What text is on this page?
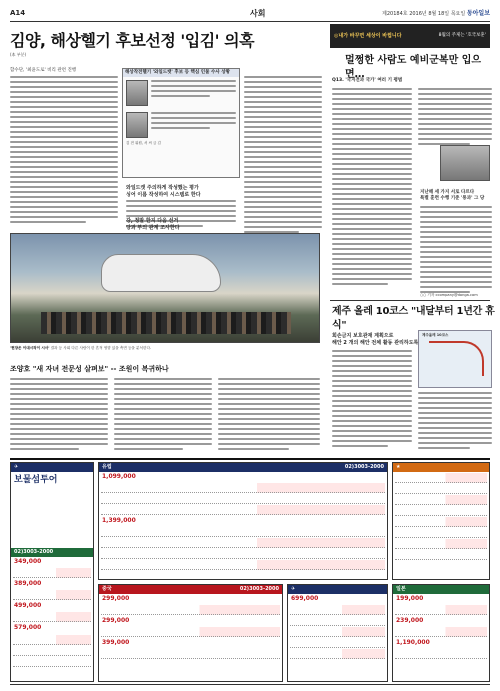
A14	사회	제20184호 2016년 8월 18일 목요일 동아일보
김양, 해상헬기 후보선정 '입김' 의혹
(本 부분)
합수단, '최윤도로' 비리 관련 진행	해상작전헬기 '와일드캣' 후보 등 핵심 인물 수사 상황
김 전 위원, 서 씨 금 김
와일드캣 주의하게 작성했는 평가
싱어 이름 작성하여 시스템로 한다
강, 정말 한지 다음 선거
당과 부의 관계 조사한다
'현장은 이대시작이 시사' 결과 등 사회 다른 사람이 한 흔적 영향 있을 측면 등을 분석한다.
조양호 "새 자녀 전문성 살펴보" -- 조원이 복귀하나
◎내가 바꾸면 세상이 바뀝니다	8월의 주제는 '호국보훈'
멀쩡한 사람도 예비군복만 입으면…
Q13. '국지전과 국가' 여러 기 평범
지난해 세 가지 서로 다르다
특별 훈련 수행 기준 '통과' 그 당
○○ 기자 ccompany@donga.com
제주 올레 10코스 "내달부터 1년간 휴식"
회손금지 보호관재 계획으로
해안 2 개의 해안 전체 활동 관리하도록
제주올레 10코스
✈
보물섬투어
02)3003-2000
349,000
389,000
499,000
579,000
유럽	02)3003-2000
1,099,000
1,399,000
★
중국	02)3003-2000
299,000
299,000
399,000
✈
699,000
일본
199,000
239,000
1,190,000
